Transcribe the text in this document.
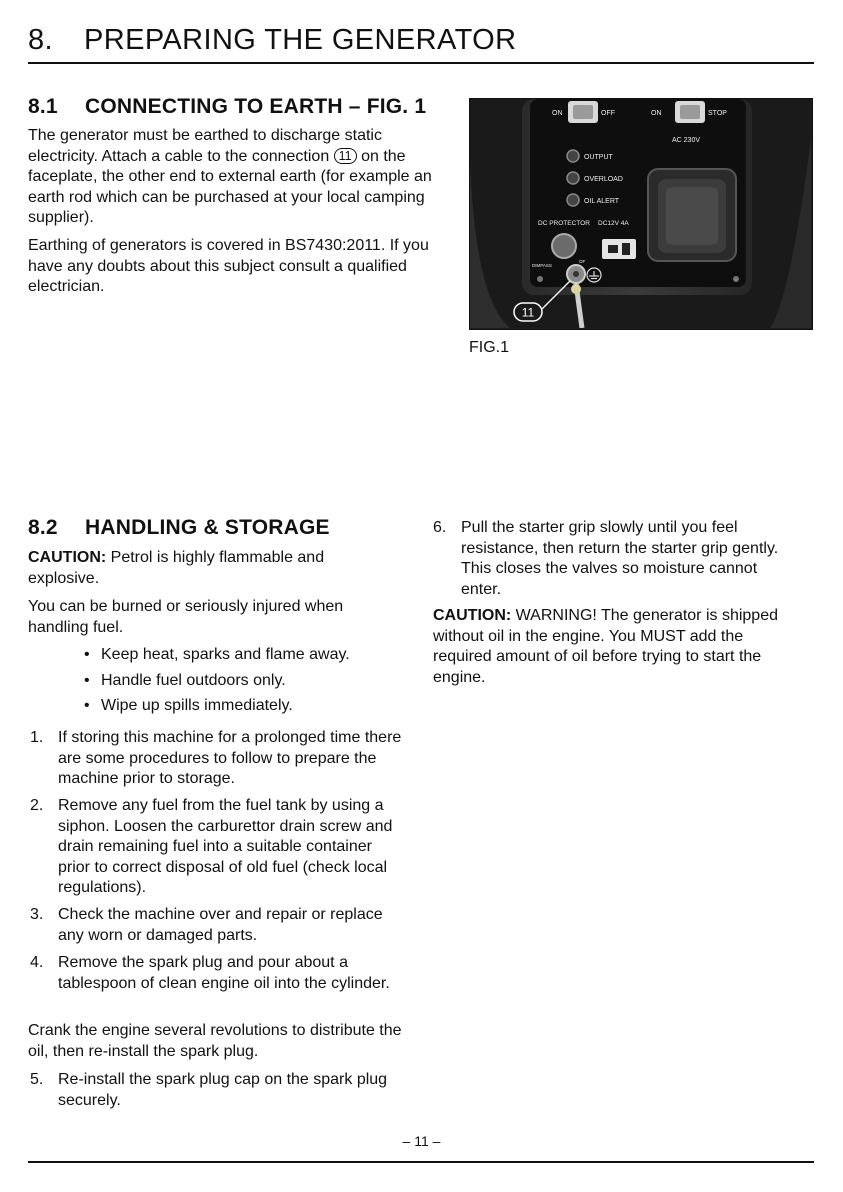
8. PREPARING THE GENERATOR
8.1 CONNECTING TO EARTH – FIG. 1

The generator must be earthed to discharge static electricity. Attach a cable to the connection 11 on the faceplate, the other end to external earth (for example an earth rod which can be purchased at your local camping supplier).

Earthing of generators is covered in BS7430:2011. If you have any doubts about this subject consult a qualified electrician.

ON	OFF	ON	STOP
AC 230V
OUTPUT
OVERLOAD
OIL ALERT
DC PROTECTOR DC12V 4A
DIMPASS
OF
11
FIG.1
8.2 HANDLING & STORAGE

CAUTION: Petrol is highly flammable and explosive.

You can be burned or seriously injured when handling fuel.

• Keep heat, sparks and flame away.
• Handle fuel outdoors only.
• Wipe up spills immediately.
1. If storing this machine for a prolonged time there are some procedures to follow to prepare the machine prior to storage.
2. Remove any fuel from the fuel tank by using a siphon. Loosen the carburettor drain screw and drain remaining fuel into a suitable container prior to correct disposal of old fuel (check local regulations).
3. Check the machine over and repair or replace any worn or damaged parts.
4. Remove the spark plug and pour about a tablespoon of clean engine oil into the cylinder.

Crank the engine several revolutions to distribute the oil, then re-install the spark plug.

5. Re-install the spark plug cap on the spark plug securely.
6. Pull the starter grip slowly until you feel resistance, then return the starter grip gently. This closes the valves so moisture cannot enter.

CAUTION: WARNING! The generator is shipped without oil in the engine. You MUST add the required amount of oil before trying to start the engine.

– 11 –
